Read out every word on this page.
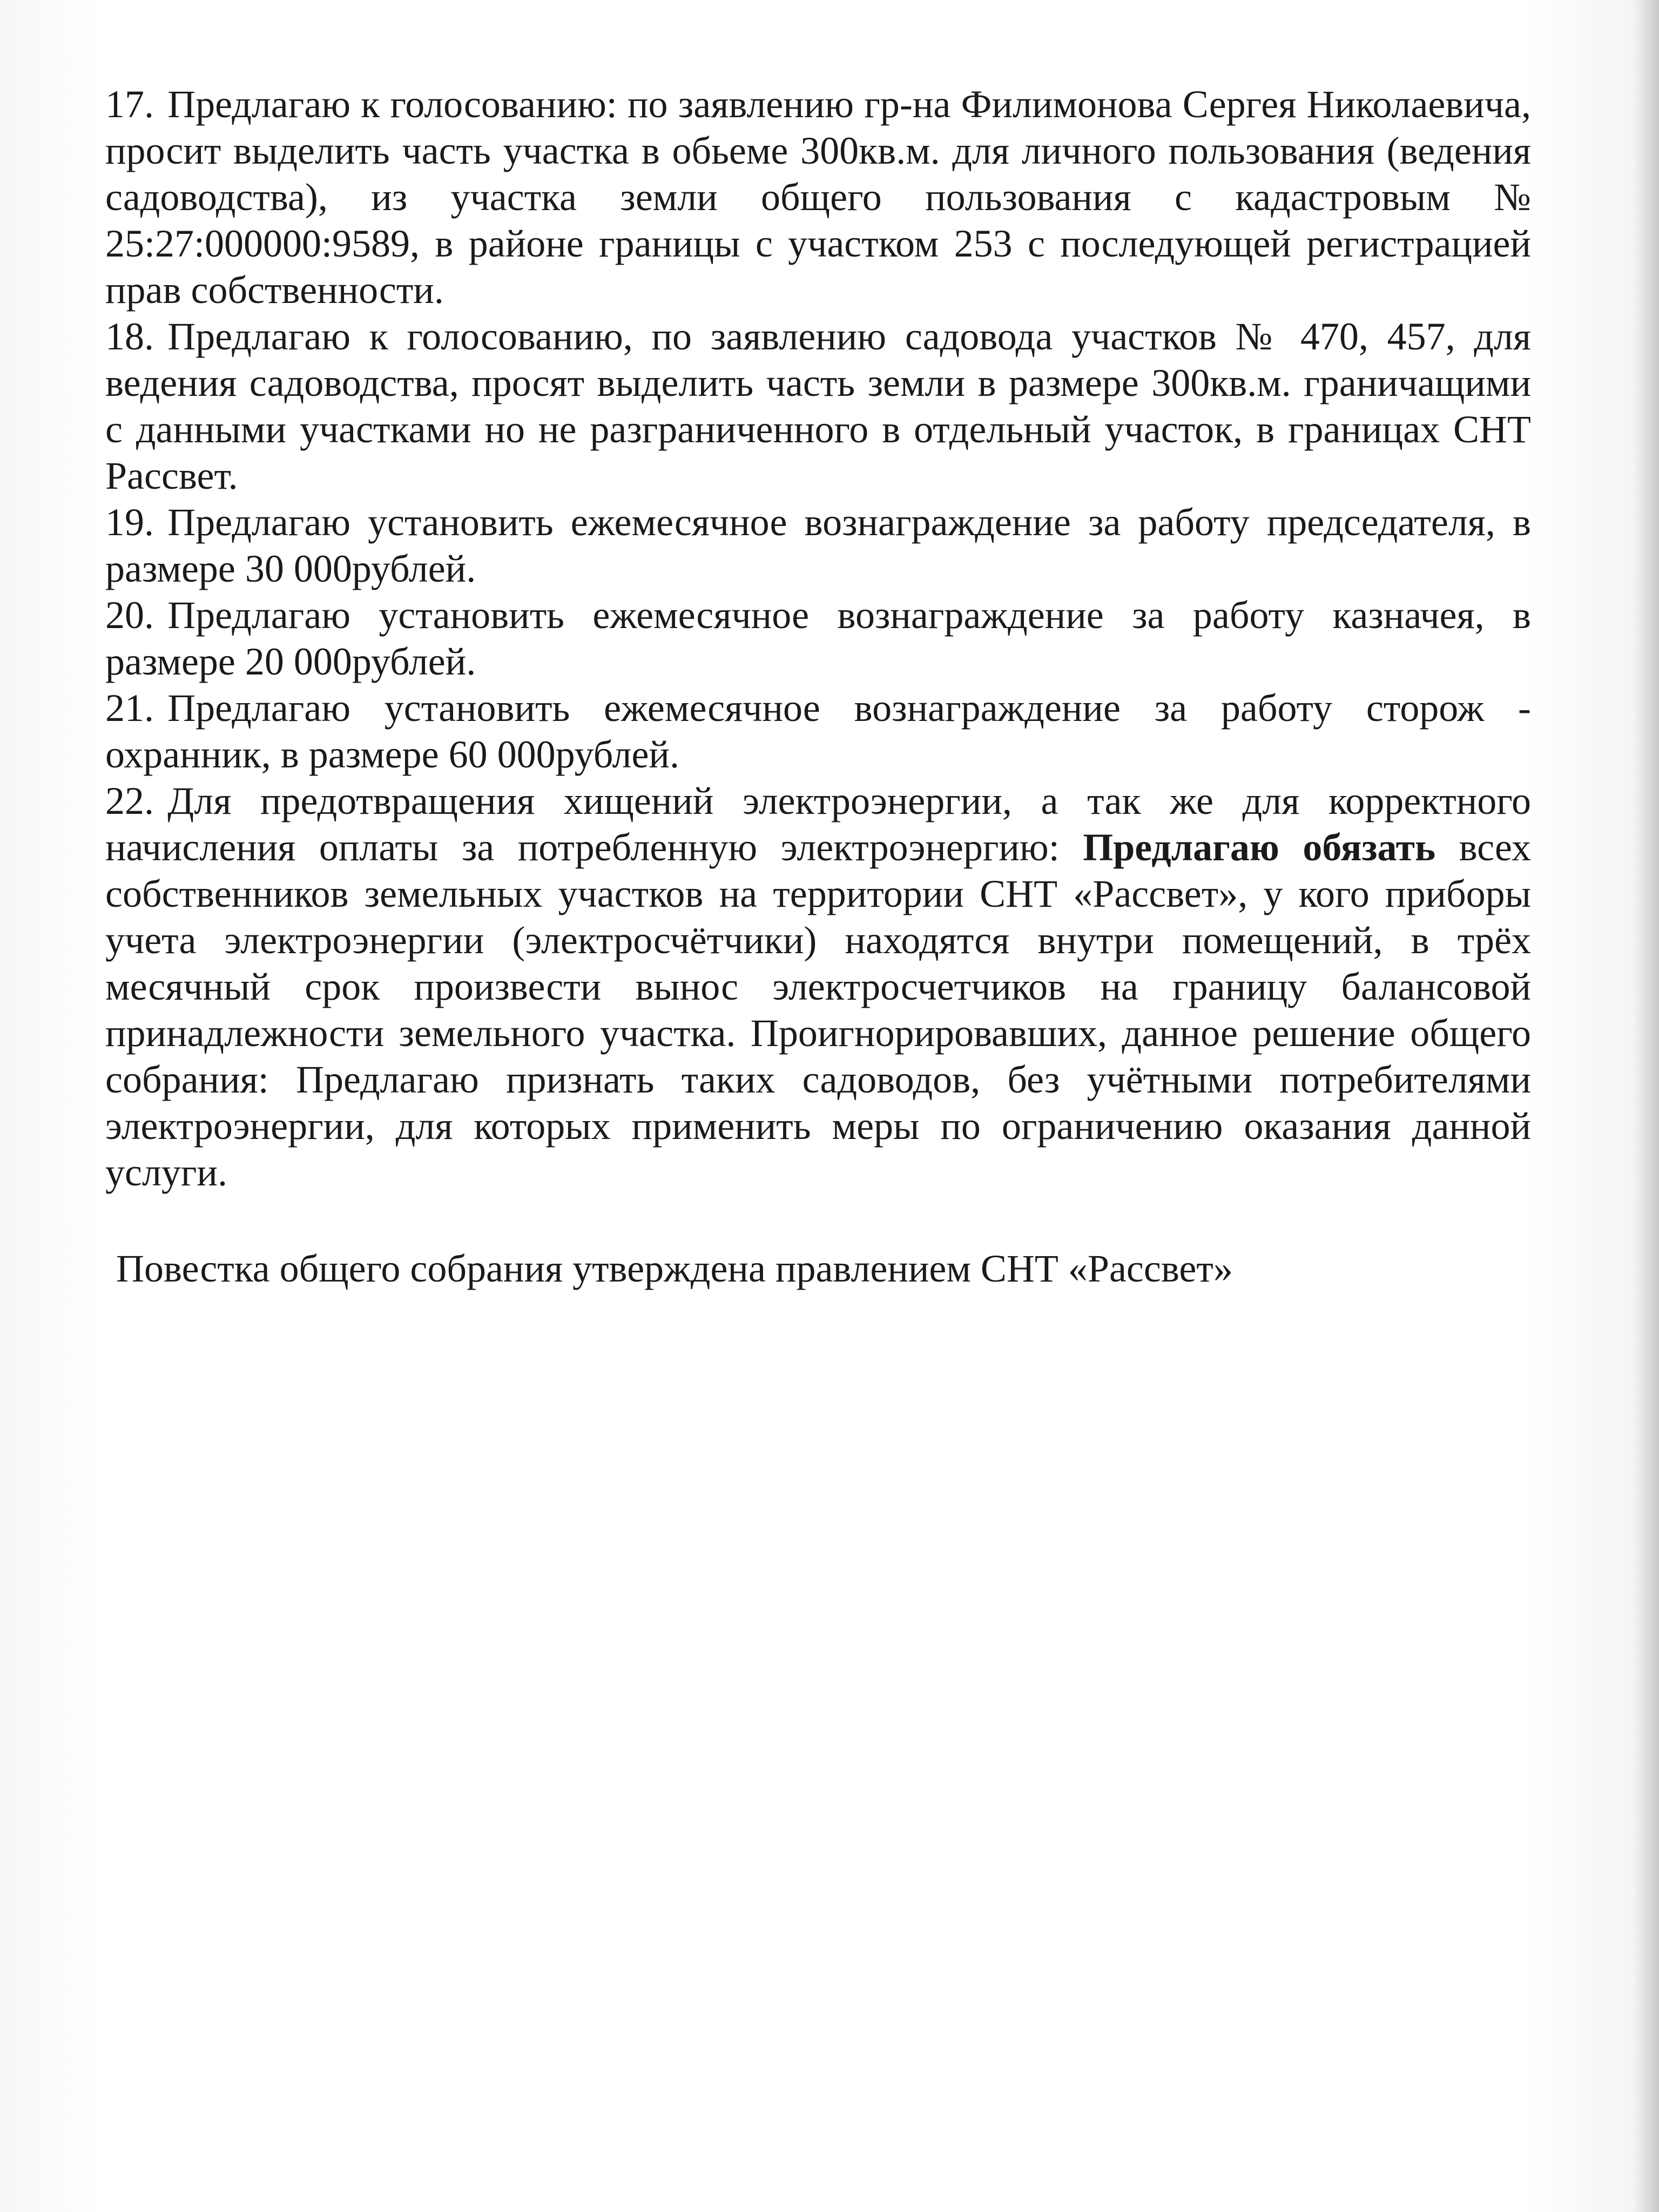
17. Предлагаю к голосованию: по заявлению гр-на Филимонова Сергея Николаевича, просит выделить часть участка в обьеме 300кв.м. для личного пользования (ведения садоводства), из участка земли общего пользования с кадастровым № 25:27:000000:9589, в районе границы с участком 253 с последующей регистрацией прав собственности.

18. Предлагаю к голосованию, по заявлению садовода участков № 470, 457, для ведения садоводства, просят выделить часть земли в размере 300кв.м. граничащими с данными участками но не разграниченного в отдельный участок, в границах СНТ Рассвет.

19. Предлагаю установить ежемесячное вознаграждение за работу председателя, в размере 30 000рублей.

20. Предлагаю установить ежемесячное вознаграждение за работу казначея, в размере 20 000рублей.

21. Предлагаю установить ежемесячное вознаграждение за работу сторож - охранник, в размере 60 000рублей.

22. Для предотвращения хищений электроэнергии, а так же для корректного начисления оплаты за потребленную электроэнергию: Предлагаю обязать всех собственников земельных участков на территории СНТ «Рассвет», у кого приборы учета электроэнергии (электросчётчики) находятся внутри помещений, в трёх месячный срок произвести вынос электросчетчиков на границу балансовой принадлежности земельного участка. Проигнорировавших, данное решение общего собрания: Предлагаю признать таких садоводов, без учётными потребителями электроэнергии, для которых применить меры по ограничению оказания данной услуги.

Повестка общего собрания утверждена правлением СНТ «Рассвет»
